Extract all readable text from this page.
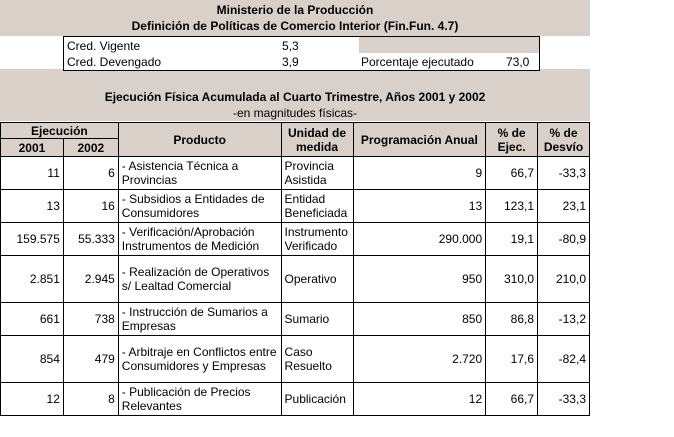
Ministerio de la Producción
Definición de Políticas de Comercio Interior (Fin.Fun. 4.7)
Cred. Vigente	5,3
Cred. Devengado	3,9	Porcentaje ejecutado	73,0
Ejecución Física Acumulada al Cuarto Trimestre, Años 2001 y 2002
-en magnitudes físicas-
Ejecución		Producto	Unidad de medida	Programación Anual	% de Ejec.	% de Desvío
2001	2002					
11	6	- Asistencia Técnica a Provincias	Provincia Asistida	9	66,7	-33,3
13	16	- Subsidios a Entidades de Consumidores	Entidad Beneficiada	13	123,1	23,1
159.575	55.333	- Verificación/Aprobación Instrumentos de Medición	Instrumento Verificado	290.000	19,1	-80,9
2.851	2.945	- Realización de Operativos s/ Lealtad Comercial	Operativo	950	310,0	210,0
661	738	- Instrucción de Sumarios a Empresas	Sumario	850	86,8	-13,2
854	479	- Arbitraje en Conflictos entre Consumidores y Empresas	Caso Resuelto	2.720	17,6	-82,4
12	8	- Publicación de Precios Relevantes	Publicación	12	66,7	-33,3
